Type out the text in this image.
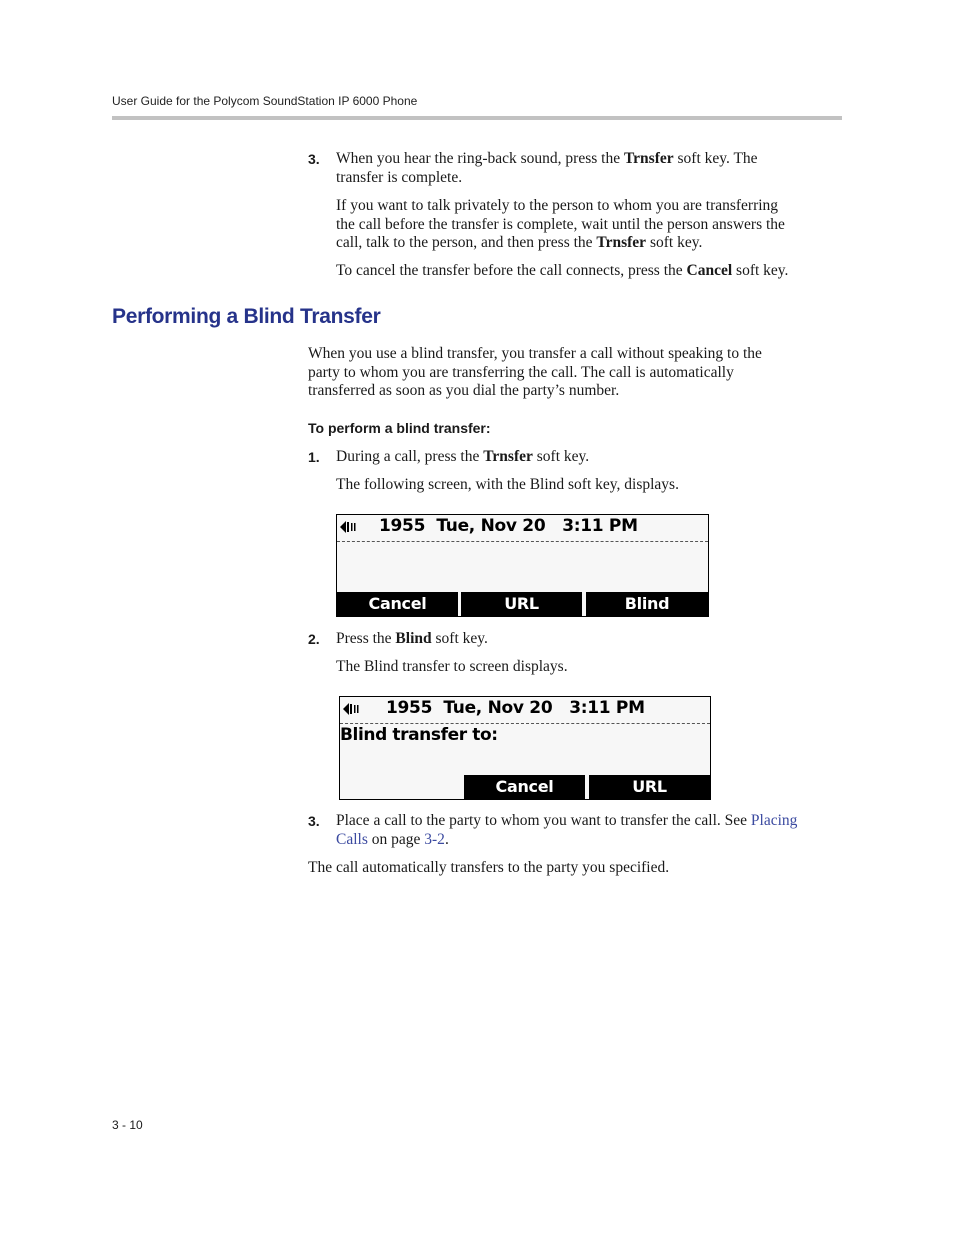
User Guide for the Polycom SoundStation IP 6000 Phone
3. When you hear the ring-back sound, press the Trnsfer soft key. The

transfer is complete.

If you want to talk privately to the person to whom you are transferring

the call before the transfer is complete, wait until the person answers the

call, talk to the person, and then press the Trnsfer soft key.

To cancel the transfer before the call connects, press the Cancel soft key.

Performing a Blind Transfer

When you use a blind transfer, you transfer a call without speaking to the

party to whom you are transferring the call. The call is automatically

transferred as soon as you dial the party’s number.

To perform a blind transfer:
1. During a call, press the Trnsfer soft key.

The following screen, with the Blind soft key, displays.

1955  Tue, Nov 20   3:11 PM
Cancel	URL	Blind
2. Press the Blind soft key.

The Blind transfer to screen displays.

1955  Tue, Nov 20   3:11 PM
Blind transfer to:
Cancel	URL
3. Place a call to the party to whom you want to transfer the call. See Placing

Calls on page 3-2.

The call automatically transfers to the party you specified.

3 - 10
